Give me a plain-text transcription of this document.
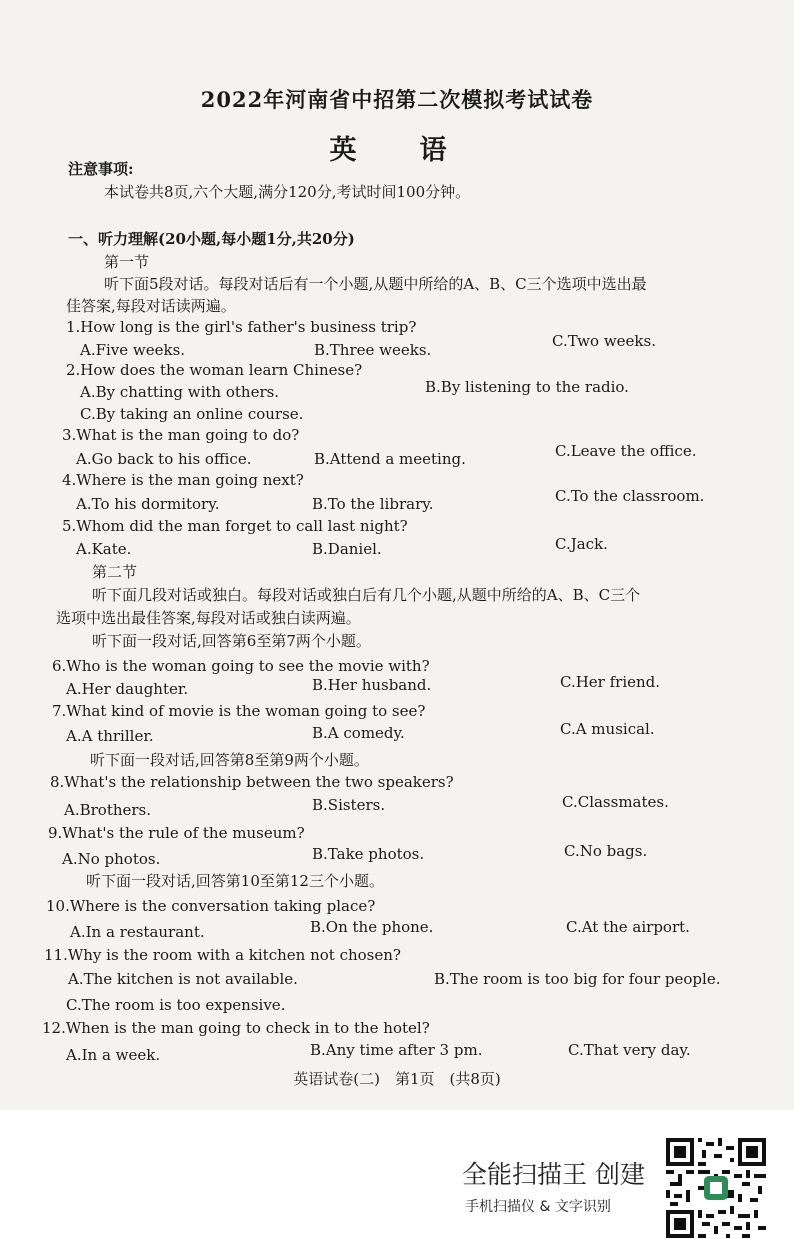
2022年河南省中招第二次模拟考试试卷
英　语
注意事项:
本试卷共8页,六个大题,满分120分,考试时间100分钟。
一、听力理解(20小题,每小题1分,共20分)
第一节
听下面5段对话。每段对话后有一个小题,从题中所给的A、B、C三个选项中选出最
佳答案,每段对话读两遍。
1.How long is the girl's father's business trip?
A.Five weeks.	B.Three weeks.	C.Two weeks.
2.How does the woman learn Chinese?
A.By chatting with others.	B.By listening to the radio.
C.By taking an online course.
3.What is the man going to do?
A.Go back to his office.	B.Attend a meeting.	C.Leave the office.
4.Where is the man going next?
A.To his dormitory.	B.To the library.	C.To the classroom.
5.Whom did the man forget to call last night?
A.Kate.	B.Daniel.	C.Jack.
第二节
听下面几段对话或独白。每段对话或独白后有几个小题,从题中所给的A、B、C三个
选项中选出最佳答案,每段对话或独白读两遍。
听下面一段对话,回答第6至第7两个小题。
6.Who is the woman going to see the movie with?
A.Her daughter.	B.Her husband.	C.Her friend.
7.What kind of movie is the woman going to see?
A.A thriller.	B.A comedy.	C.A musical.
听下面一段对话,回答第8至第9两个小题。
8.What's the relationship between the two speakers?
A.Brothers.	B.Sisters.	C.Classmates.
9.What's the rule of the museum?
A.No photos.	B.Take photos.	C.No bags.
听下面一段对话,回答第10至第12三个小题。
10.Where is the conversation taking place?
A.In a restaurant.	B.On the phone.	C.At the airport.
11.Why is the room with a kitchen not chosen?
A.The kitchen is not available.	B.The room is too big for four people.
C.The room is too expensive.
12.When is the man going to check in to the hotel?
A.In a week.	B.Any time after 3 pm.	C.That very day.
英语试卷(二)　第1页　(共8页)
全能扫描王 创建
手机扫描仪 & 文字识别
